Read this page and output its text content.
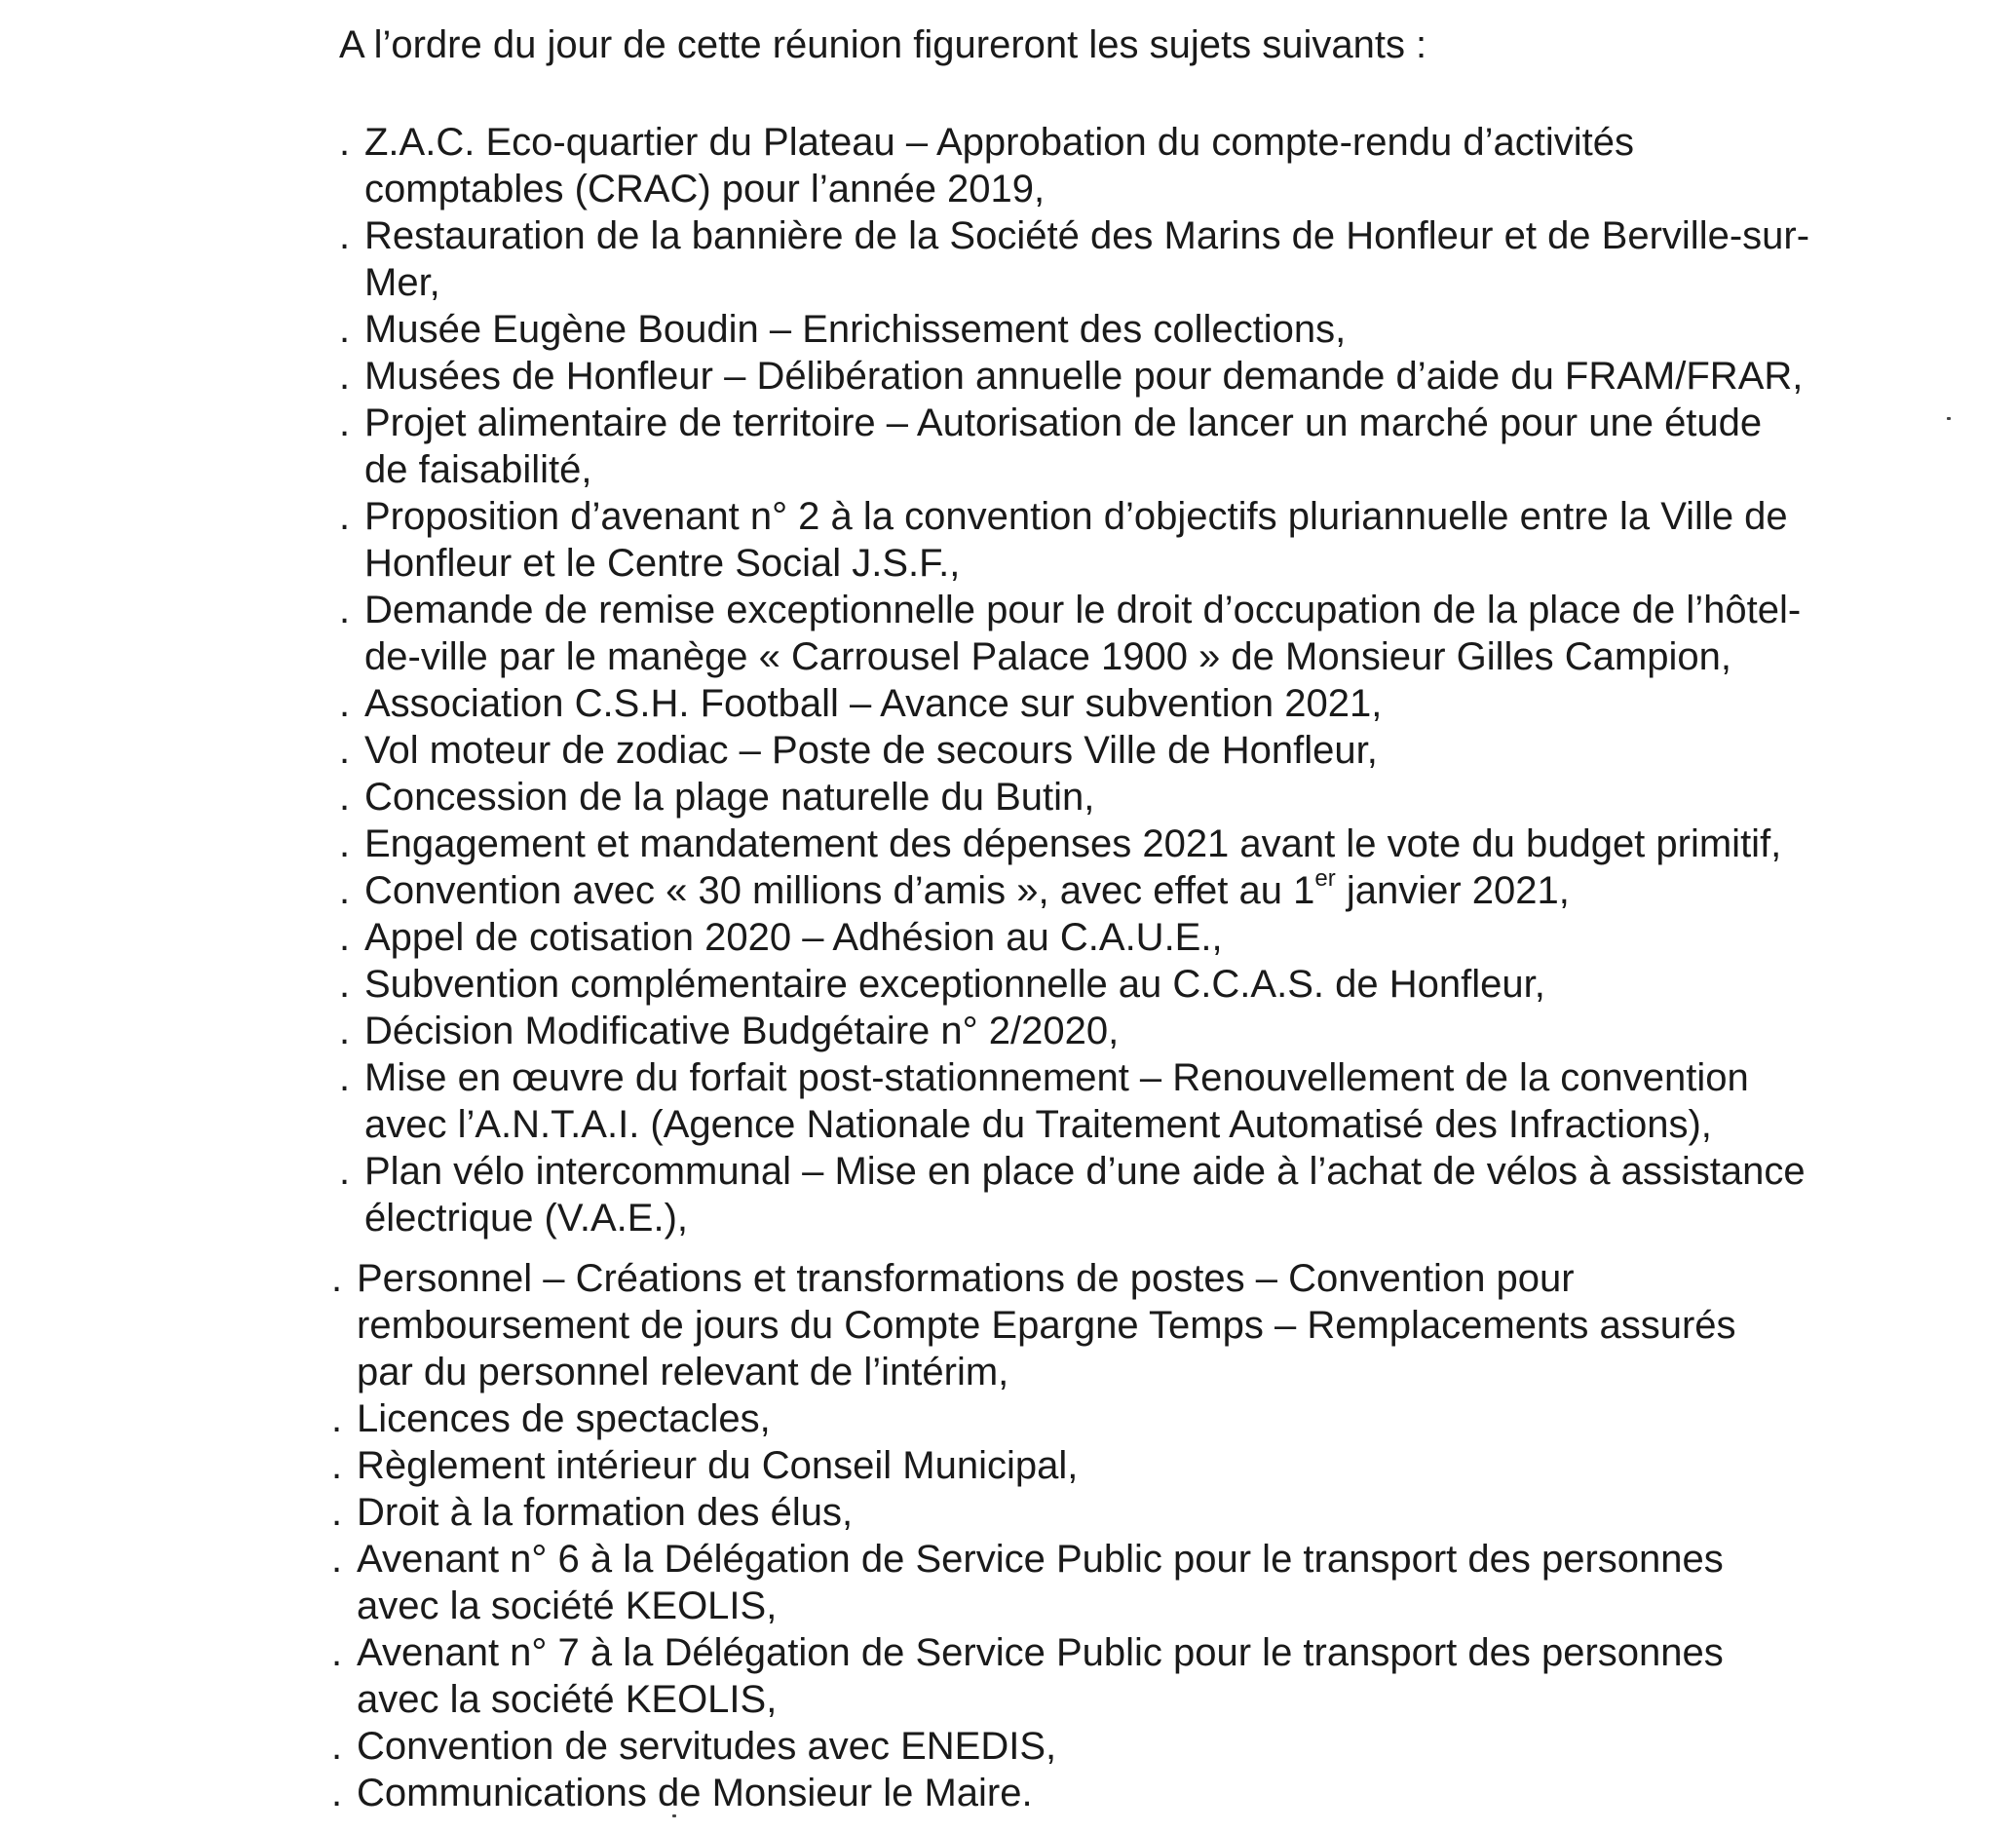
A l’ordre du jour de cette réunion figureront les sujets suivants :

. Z.A.C. Eco-quartier du Plateau – Approbation du compte-rendu d’activités
comptables (CRAC) pour l’année 2019,
. Restauration de la bannière de la Société des Marins de Honfleur et de Berville-sur-
Mer,
. Musée Eugène Boudin – Enrichissement des collections,
. Musées de Honfleur – Délibération annuelle pour demande d’aide du FRAM/FRAR,
. Projet alimentaire de territoire – Autorisation de lancer un marché pour une étude
de faisabilité,
. Proposition d’avenant n° 2 à la convention d’objectifs pluriannuelle entre la Ville de
Honfleur et le Centre Social J.S.F.,
. Demande de remise exceptionnelle pour le droit d’occupation de la place de l’hôtel-
de-ville par le manège « Carrousel Palace 1900 » de Monsieur Gilles Campion,
. Association C.S.H. Football – Avance sur subvention 2021,
. Vol moteur de zodiac – Poste de secours Ville de Honfleur,
. Concession de la plage naturelle du Butin,
. Engagement et mandatement des dépenses 2021 avant le vote du budget primitif,
. Convention avec « 30 millions d’amis », avec effet au 1er janvier 2021,
. Appel de cotisation 2020 – Adhésion au C.A.U.E.,
. Subvention complémentaire exceptionnelle au C.C.A.S. de Honfleur,
. Décision Modificative Budgétaire n° 2/2020,
. Mise en œuvre du forfait post-stationnement – Renouvellement de la convention
avec l’A.N.T.A.I. (Agence Nationale du Traitement Automatisé des Infractions),
. Plan vélo intercommunal – Mise en place d’une aide à l’achat de vélos à assistance
électrique (V.A.E.),
. Personnel – Créations et transformations de postes – Convention pour
remboursement de jours du Compte Epargne Temps – Remplacements assurés
par du personnel relevant de l’intérim,
. Licences de spectacles,
. Règlement intérieur du Conseil Municipal,
. Droit à la formation des élus,
. Avenant n° 6 à la Délégation de Service Public pour le transport des personnes
avec la société KEOLIS,
. Avenant n° 7 à la Délégation de Service Public pour le transport des personnes
avec la société KEOLIS,
. Convention de servitudes avec ENEDIS,
. Communications de Monsieur le Maire.
